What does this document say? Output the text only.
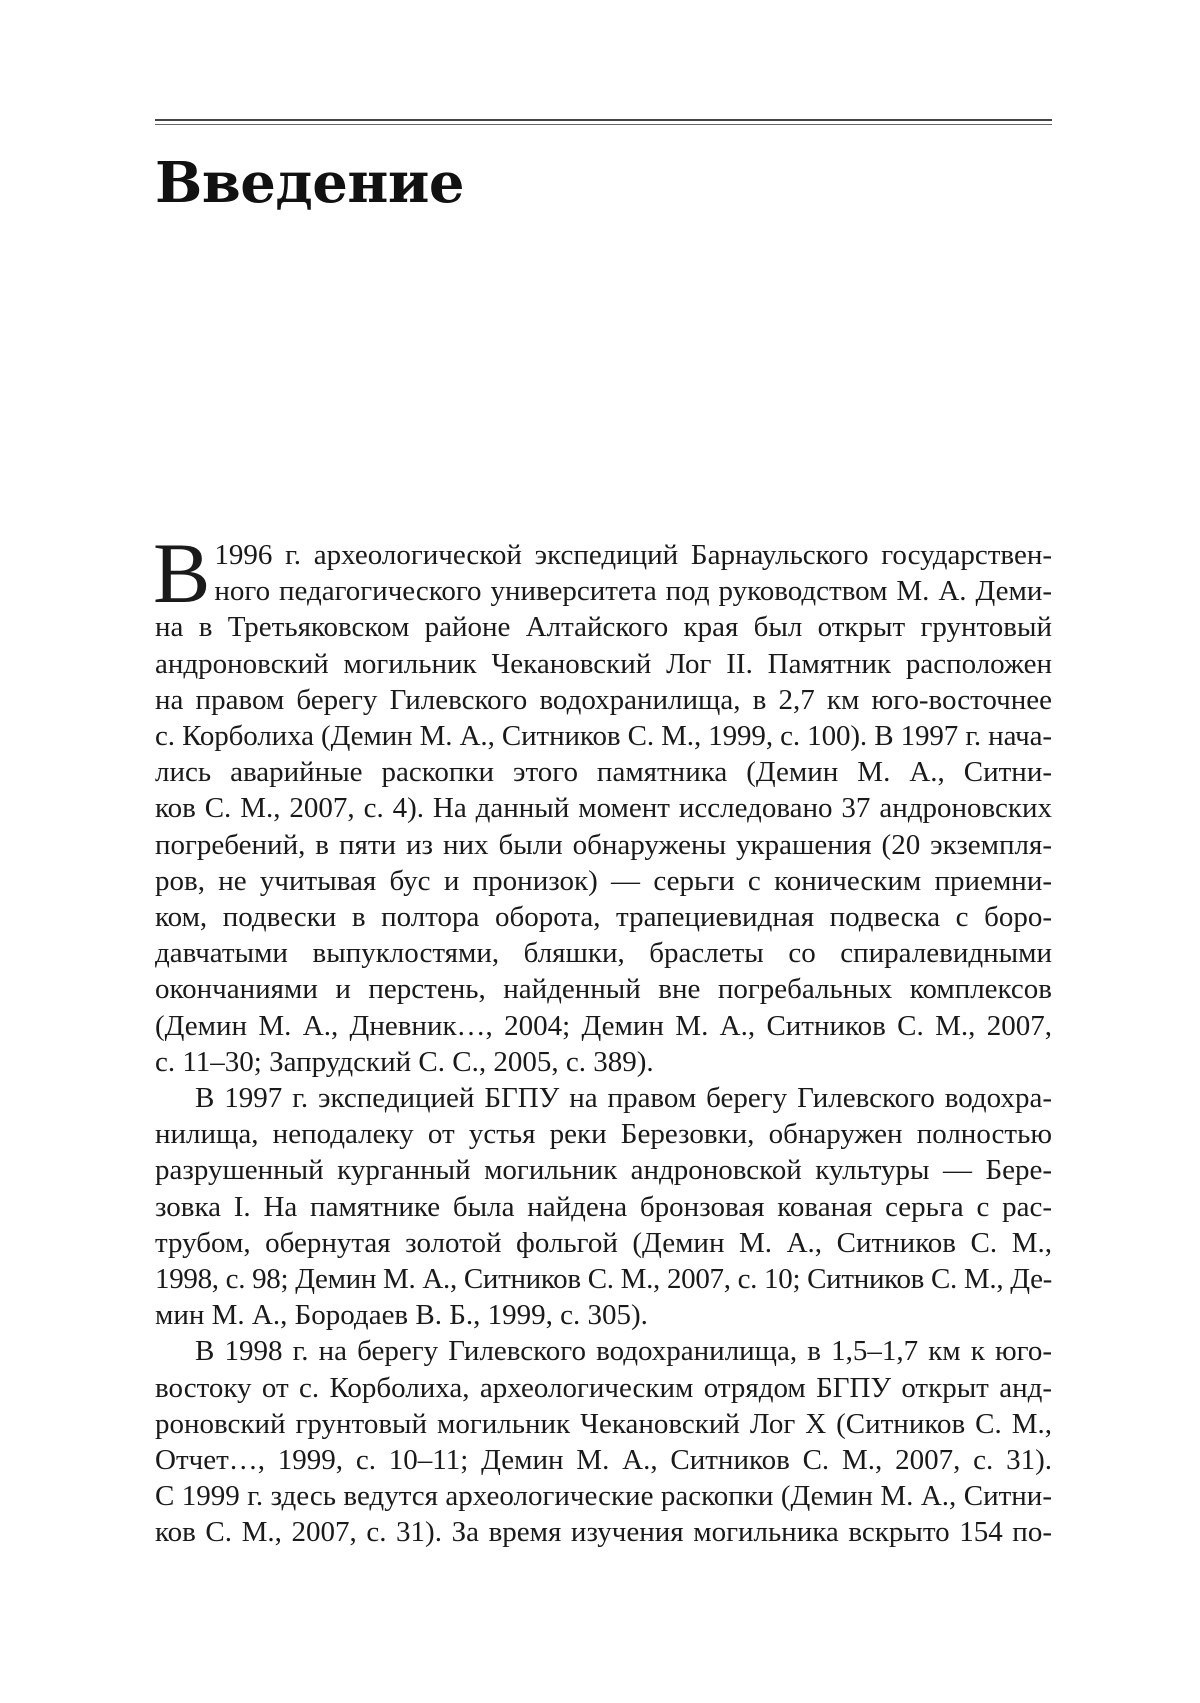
Введение

В 1996 г. археологической экспедиций Барнаульского государствен-
ного педагогического университета под руководством М. А. Деми-
на в Третьяковском районе Алтайского края был открыт грунтовый
андроновский могильник Чекановский Лог II. Памятник расположен
на правом берегу Гилевского водохранилища, в 2,7 км юго-восточнее
с. Корболиха (Демин М. А., Ситников С. М., 1999, с. 100). В 1997 г. нача-
лись аварийные раскопки этого памятника (Демин М. А., Ситни-
ков С. М., 2007, с. 4). На данный момент исследовано 37 андроновских
погребений, в пяти из них были обнаружены украшения (20 экземпля-
ров, не учитывая бус и пронизок) — серьги с коническим приемни-
ком, подвески в полтора оборота, трапециевидная подвеска с боро-
давчатыми выпуклостями, бляшки, браслеты со спиралевидными
окончаниями и перстень, найденный вне погребальных комплексов
(Демин М. А., Дневник…, 2004; Демин М. А., Ситников С. М., 2007,
с. 11–30; Запрудский С. С., 2005, с. 389).

В 1997 г. экспедицией БГПУ на правом берегу Гилевского водохра-
нилища, неподалеку от устья реки Березовки, обнаружен полностью
разрушенный курганный могильник андроновской культуры — Бере-
зовка I. На памятнике была найдена бронзовая кованая серьга с рас-
трубом, обернутая золотой фольгой (Демин М. А., Ситников С. М.,
1998, с. 98; Демин М. А., Ситников С. М., 2007, с. 10; Ситников С. М., Де-
мин М. А., Бородаев В. Б., 1999, с. 305).

В 1998 г. на берегу Гилевского водохранилища, в 1,5–1,7 км к юго-
востоку от с. Корболиха, археологическим отрядом БГПУ открыт анд-
роновский грунтовый могильник Чекановский Лог X (Ситников С. М.,
Отчет…, 1999, с. 10–11; Демин М. А., Ситников С. М., 2007, с. 31).
С 1999 г. здесь ведутся археологические раскопки (Демин М. А., Ситни-
ков С. М., 2007, с. 31). За время изучения могильника вскрыто 154 по-
